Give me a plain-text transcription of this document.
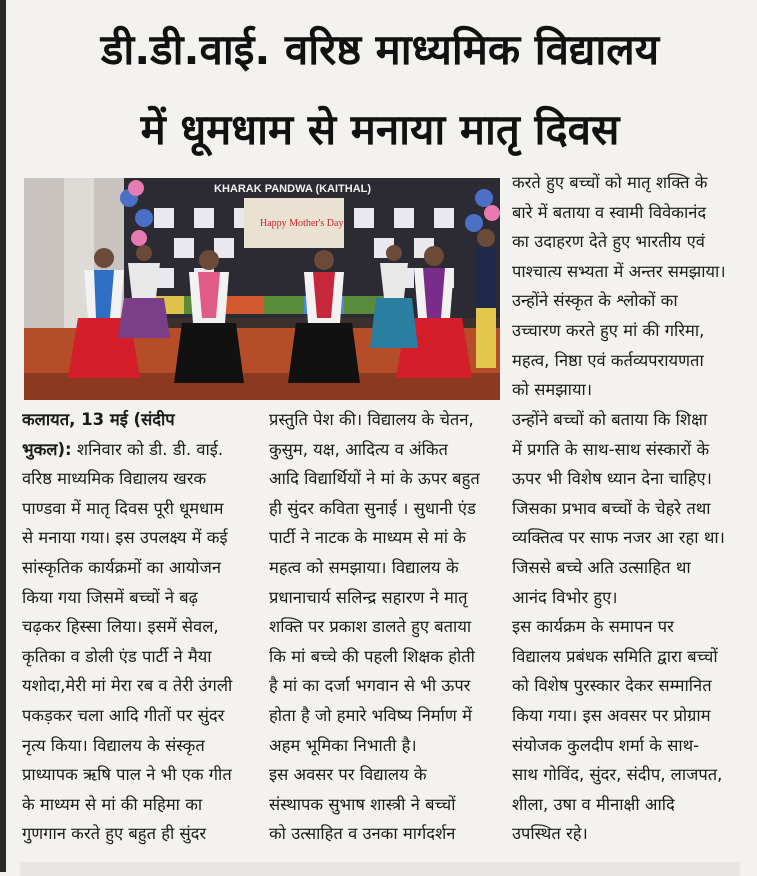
डी.डी.वाई. वरिष्ठ माध्यमिक विद्यालय
में धूमधाम से मनाया मातृ दिवस
Happy Mother's Day
KHARAK PANDWA (KAITHAL)	करते हुए बच्चों को मातृ शक्ति के

बारे में बताया व स्वामी विवेकानंद

का उदाहरण देते हुए भारतीय एवं

पाश्चात्य सभ्यता में अन्तर समझाया।

उन्होंने संस्कृत के श्लोकों का

उच्चारण करते हुए मां की गरिमा,

महत्व, निष्ठा एवं कर्तव्यपरायणता

को समझाया।

कलायत, 13 मई (संदीप

भुकल): शनिवार को डी. डी. वाई.

वरिष्ठ माध्यमिक विद्यालय खरक

पाण्डवा में मातृ दिवस पूरी धूमधाम

से मनाया गया। इस उपलक्ष्य में कई

सांस्कृतिक कार्यक्रमों का आयोजन

किया गया जिसमें बच्चों ने बढ़

चढ़कर हिस्सा लिया। इसमें सेवल,

कृतिका व डोली एंड पार्टी ने मैया

यशोदा,मेरी मां मेरा रब व तेरी उंगली

पकड़कर चला आदि गीतों पर सुंदर

नृत्य किया। विद्यालय के संस्कृत

प्राध्यापक ऋषि पाल ने भी एक गीत

के माध्यम से मां की महिमा का

गुणगान करते हुए बहुत ही सुंदर

प्रस्तुति पेश की। विद्यालय के चेतन,

कुसुम, यक्ष, आदित्य व अंकित

आदि विद्यार्थियों ने मां के ऊपर बहुत

ही सुंदर कविता सुनाई । सुधानी एंड

पार्टी ने नाटक के माध्यम से मां के

महत्व को समझाया। विद्यालय के

प्रधानाचार्य सलिन्द्र सहारण ने मातृ

शक्ति पर प्रकाश डालते हुए बताया

कि मां बच्चे की पहली शिक्षक होती

है मां का दर्जा भगवान से भी ऊपर

होता है जो हमारे भविष्य निर्माण में

अहम भूमिका निभाती है।

इस अवसर पर विद्यालय के

संस्थापक सुभाष शास्त्री ने बच्चों

को उत्साहित व उनका मार्गदर्शन

उन्होंने बच्चों को बताया कि शिक्षा

में प्रगति के साथ-साथ संस्कारों के

ऊपर भी विशेष ध्यान देना चाहिए।

जिसका प्रभाव बच्चों के चेहरे तथा

व्यक्तित्व पर साफ नजर आ रहा था।

जिससे बच्चे अति उत्साहित था

आनंद विभोर हुए।

इस कार्यक्रम के समापन पर

विद्यालय प्रबंधक समिति द्वारा बच्चों

को विशेष पुरस्कार देकर सम्मानित

किया गया। इस अवसर पर प्रोग्राम

संयोजक कुलदीप शर्मा के साथ-

साथ गोविंद, सुंदर, संदीप, लाजपत,

शीला, उषा व मीनाक्षी आदि

उपस्थित रहे।
